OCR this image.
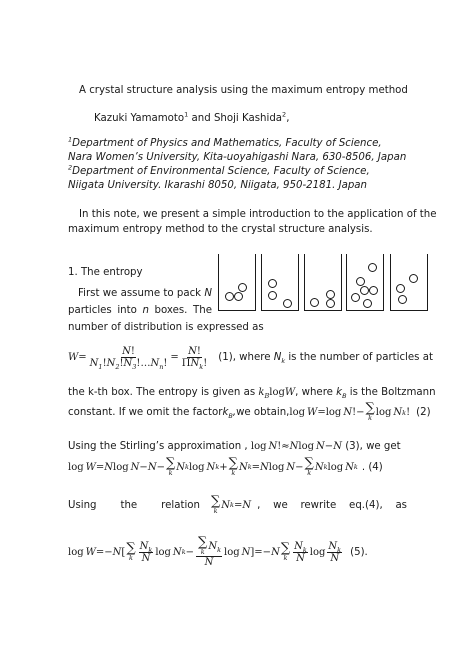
A crystal structure analysis using the maximum entropy method
Kazuki Yamamoto$^1$ and Shoji Kashida$^2$,
$^1$Department of Physics and Mathematics, Faculty of Science,
Nara Women’s University, Kita-uoyahigashi Nara, 630-8506, Japan
$^2$Department of Environmental Science, Faculty of Science,
Niigata University. Ikarashi 8050, Niigata, 950-2181. Japan
In this note, we present a simple introduction to the application of the
maximum entropy method to the crystal structure analysis.
1. The entropy
First we assume to pack N
particles into n boxes. The
number of distribution is expressed as
$W = \frac{N!}{N_1!N_2!N_3!\dots N_n!} = \frac{N!}{\Pi N_k!} (1)$, where $N_k$ is the number of particles at
the k-th box. The entropy is given as $k_B\log W$, where $k_B$ is the Boltzmann
constant. If we omit the factor $k_B$, we obtain, log  W = log  N !− ∑
k log  N k ! (2)
Using the Stirling’s approximation , log N!≈Nlog N−N (3), we get
log  W = N log  N − N − ∑
k N k log  N k + ∑
k N k = N log  N − ∑
k N k log  N k . (4)
Using the relation ∑
k N k = N , we rewrite eq.(4), as
log  W =− N [ ∑
k $\frac{N_k}{N}$ log  N k − ∑
k $N_k$
N log  N ]=− N ∑
k $\frac{N_k}{N}$ $\log \frac{N_k}{N} (5)$.
